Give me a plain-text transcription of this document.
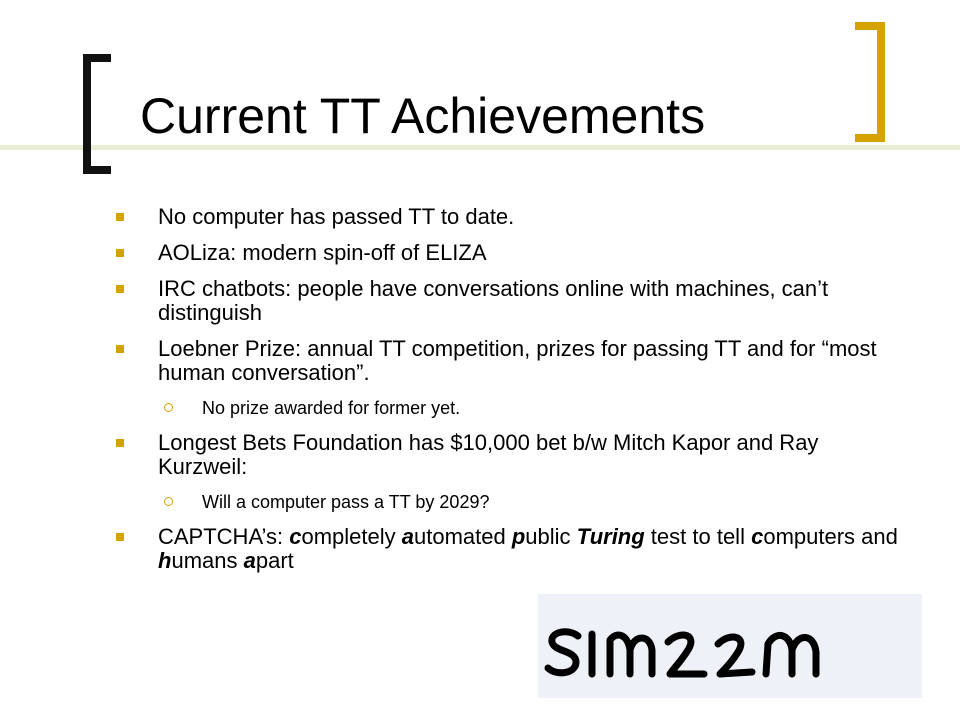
Current TT Achievements
No computer has passed TT to date.
AOLiza: modern spin-off of ELIZA
IRC chatbots: people have conversations online with machines, can’t distinguish
Loebner Prize: annual TT competition, prizes for passing TT and for “most human conversation”.
No prize awarded for former yet.
Longest Bets Foundation has $10,000 bet b/w Mitch Kapor and Ray Kurzweil:
Will a computer pass a TT by 2029?
CAPTCHA’s: completely automated public Turing test to tell computers and humans apart
